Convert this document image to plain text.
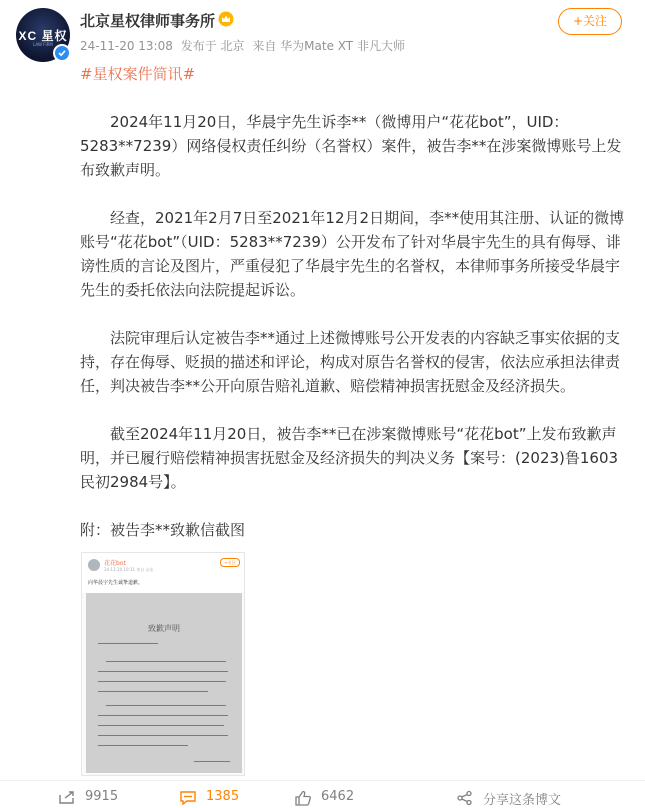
XC 星权
LAW FIRM
北京星权律师事务所
24-11-20 13:08 发布于 北京 来自 华为Mate XT 非凡大师
+关注
#星权案件简讯#
2024年11月20日，华晨宇先生诉李**（微博用户“花花bot”，UID：5283**7239）网络侵权责任纠纷（名誉权）案件，被告李**在涉案微博账号上发布致歉声明。
经查，2021年2月7日至2021年12月2日期间，李**使用其注册、认证的微博账号“花花bot”（UID：5283**7239）公开发布了针对华晨宇先生的具有侮辱、诽谤性质的言论及图片，严重侵犯了华晨宇先生的名誉权，本律师事务所接受华晨宇先生的委托依法向法院提起诉讼。
法院审理后认定被告李**通过上述微博账号公开发表的内容缺乏事实依据的支持，存在侮辱、贬损的描述和评论，构成对原告名誉权的侵害，依法应承担法律责任，判决被告李**公开向原告赔礼道歉、赔偿精神损害抚慰金及经济损失。
截至2024年11月20日，被告李**已在涉案微博账号“花花bot”上发布致歉声明，并已履行赔偿精神损害抚慰金及经济损失的判决义务【案号：(2023)鲁1603民初2984号】。
附：被告李**致歉信截图
花花bot
24-11-20 10:11 来自 山东
+关注
向华晨宇先生诚挚道歉。
致歉声明
9915	1385	6462	分享这条博文
